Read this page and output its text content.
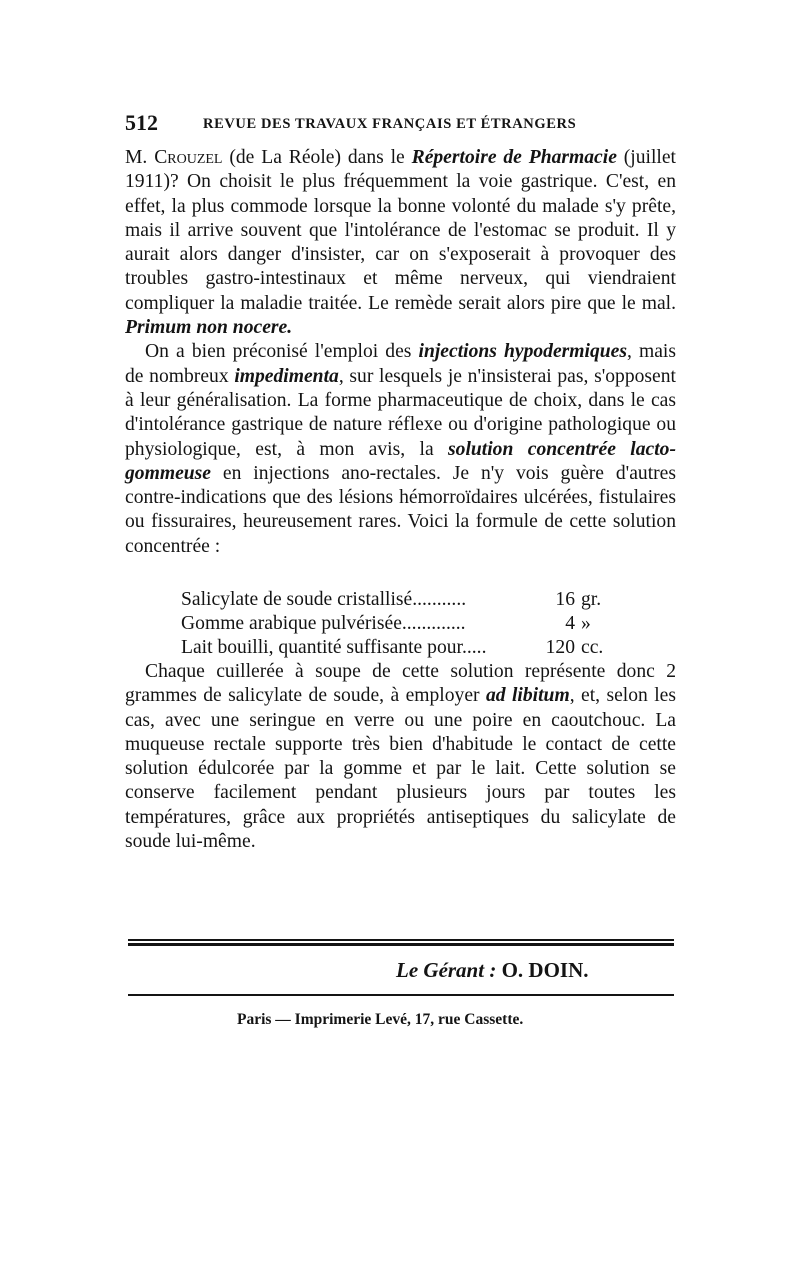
512	REVUE DES TRAVAUX FRANÇAIS ET ÉTRANGERS

M. Crouzel (de La Réole) dans le Répertoire de Pharmacie (juillet 1911)? On choisit le plus fréquemment la voie gastrique. C'est, en effet, la plus commode lorsque la bonne volonté du malade s'y prête, mais il arrive souvent que l'intolérance de l'estomac se produit. Il y aurait alors danger d'insister, car on s'exposerait à provoquer des troubles gastro-intestinaux et même nerveux, qui viendraient compliquer la maladie traitée. Le remède serait alors pire que le mal. Primum non nocere.

On a bien préconisé l'emploi des injections hypodermiques, mais de nombreux impedimenta, sur lesquels je n'insisterai pas, s'opposent à leur généralisation. La forme pharmaceutique de choix, dans le cas d'intolérance gastrique de nature réflexe ou d'origine pathologique ou physiologique, est, à mon avis, la solution concentrée lacto-gommeuse en injections ano-rectales. Je n'y vois guère d'autres contre-indications que des lésions hémorroïdaires ulcérées, fistulaires ou fissuraires, heureusement rares. Voici la formule de cette solution concentrée :

Salicylate de soude cristallisé...........	16 gr.
Gomme arabique pulvérisée.............	4 »
Lait bouilli, quantité suffisante pour.....	120 cc.

Chaque cuillerée à soupe de cette solution représente donc 2 grammes de salicylate de soude, à employer ad libitum, et, selon les cas, avec une seringue en verre ou une poire en caoutchouc. La muqueuse rectale supporte très bien d'habitude le contact de cette solution édulcorée par la gomme et par le lait. Cette solution se conserve facilement pendant plusieurs jours par toutes les températures, grâce aux propriétés antiseptiques du salicylate de soude lui-même.

Le Gérant : O. DOIN.
Paris — Imprimerie Levé, 17, rue Cassette.
